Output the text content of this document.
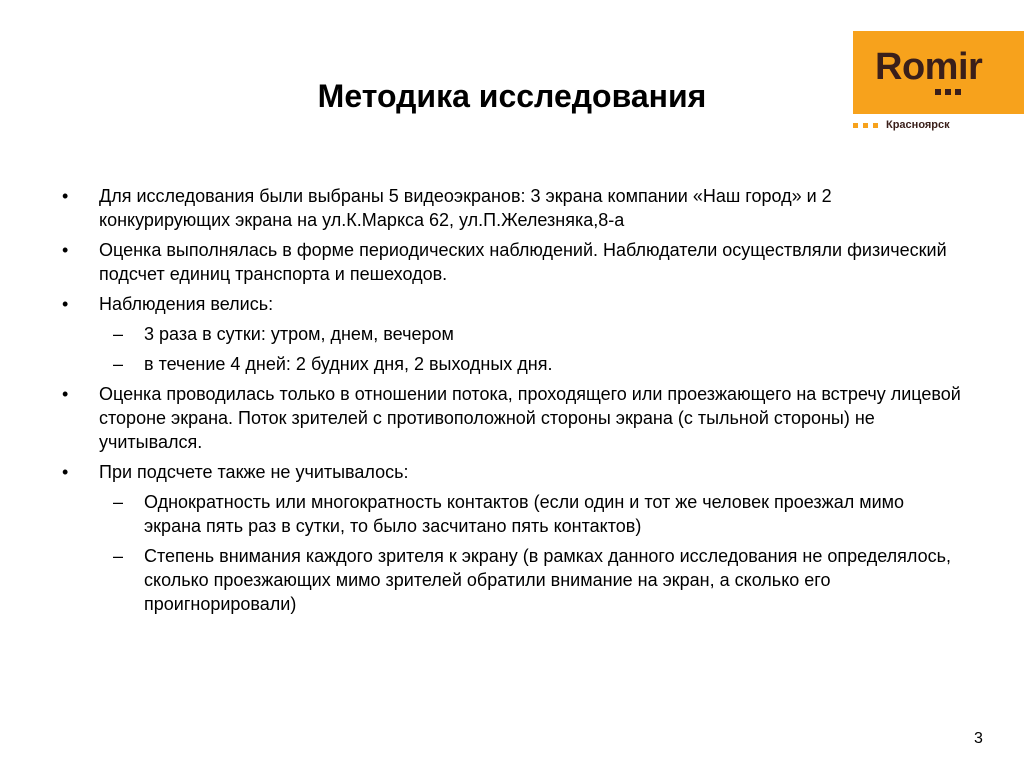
Методика исследования
Romir
Красноярск
• Для исследования были выбраны 5 видеоэкранов: 3 экрана компании «Наш город» и 2 конкурирующих экрана на ул.К.Маркса 62, ул.П.Железняка,8-а
• Оценка выполнялась в форме периодических наблюдений. Наблюдатели осуществляли физический подсчет единиц транспорта и пешеходов.
• Наблюдения велись:
– 3 раза в сутки: утром, днем, вечером
– в течение 4 дней: 2 будних дня, 2 выходных дня.
• Оценка проводилась только в отношении потока, проходящего или проезжающего на встречу лицевой стороне экрана. Поток зрителей с противоположной стороны экрана (с тыльной стороны) не учитывался.
• При подсчете также не учитывалось:
– Однократность или многократность контактов (если один и тот же человек проезжал мимо экрана пять раз в сутки, то было засчитано пять контактов)
– Степень внимания каждого зрителя к экрану (в рамках данного исследования не определялось, сколько проезжающих мимо зрителей обратили внимание на экран, а сколько его проигнорировали)
3
